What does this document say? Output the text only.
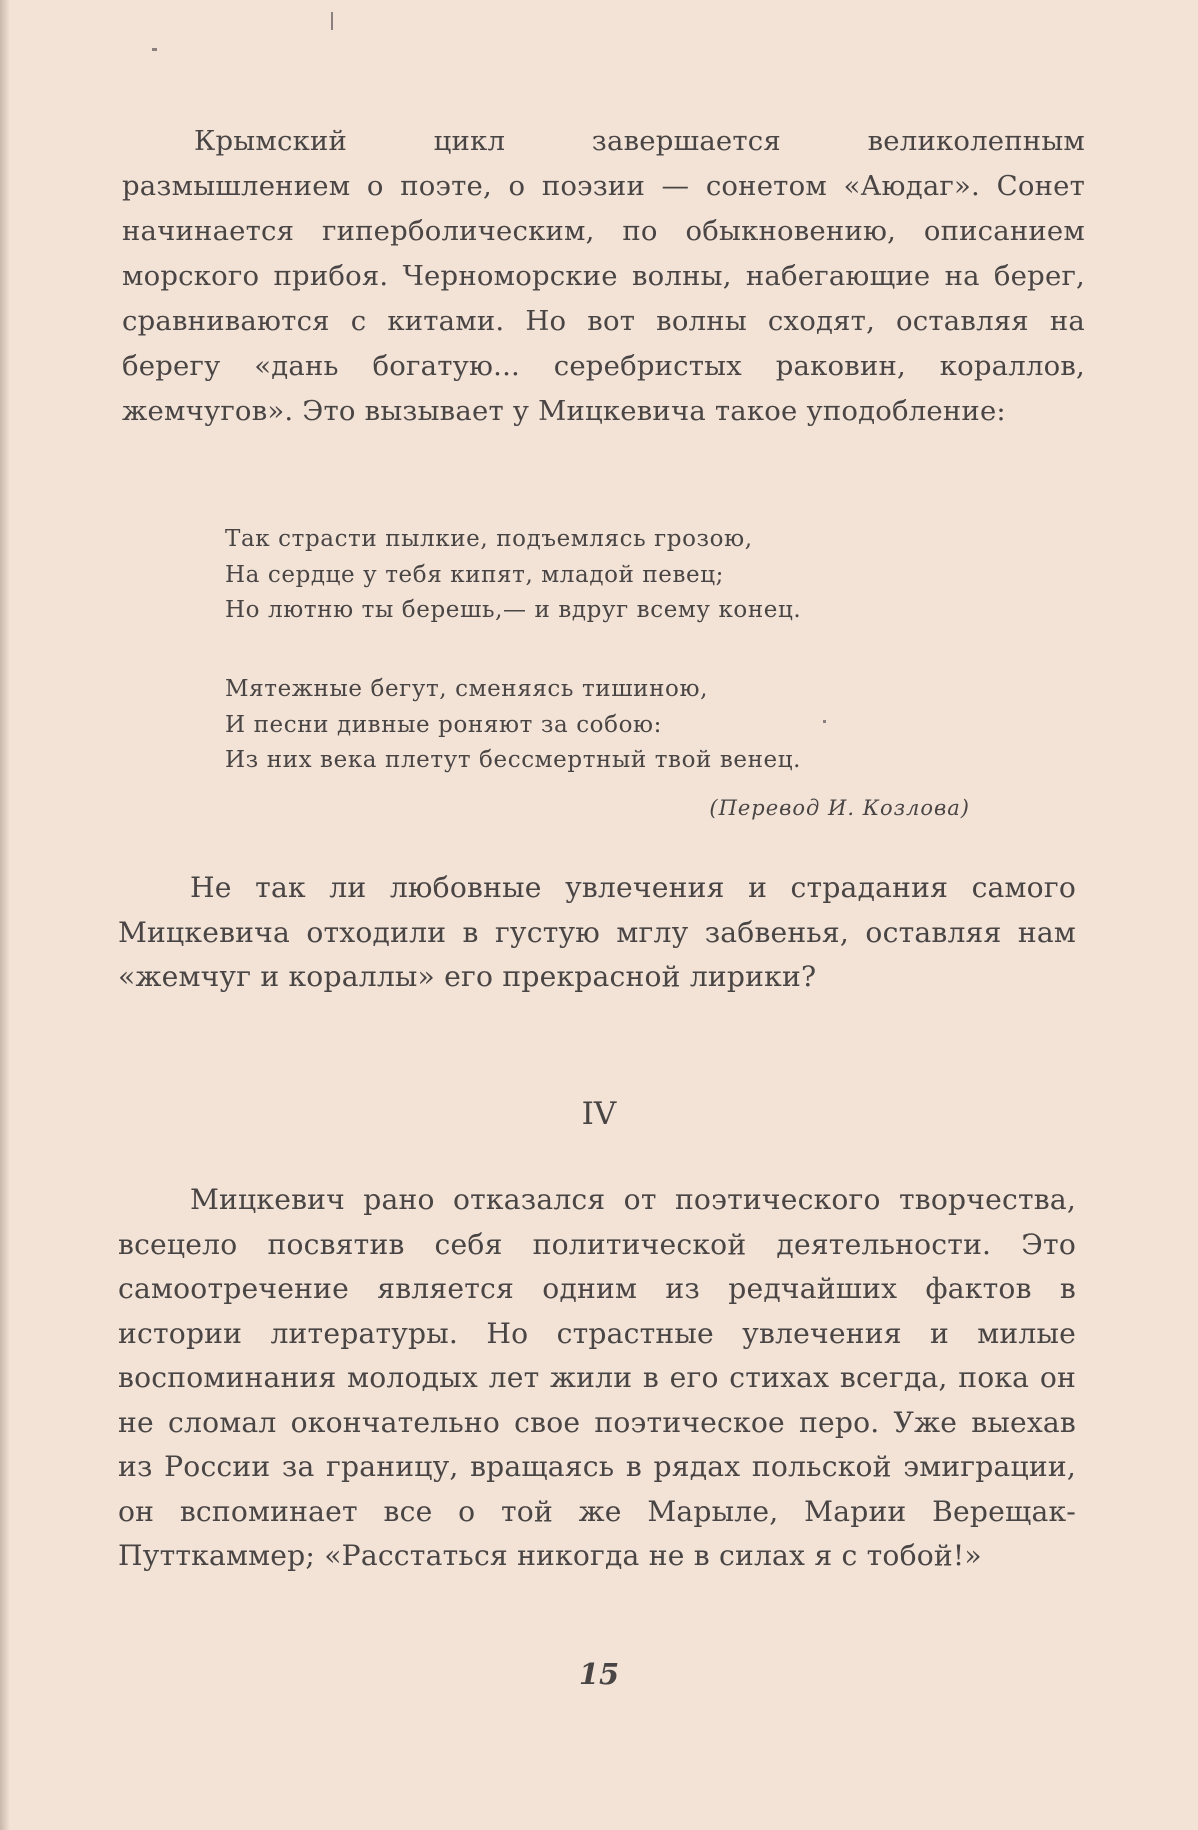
Крымский цикл завершается великолепным размышлением о поэте, о поэзии — сонетом «Аюдаг». Сонет начинается гиперболическим, по обыкновению, описанием морского прибоя. Черноморские волны, набегающие на берег, сравниваются с китами. Но вот волны сходят, оставляя на берегу «дань богатую... серебристых раковин, кораллов, жемчугов». Это вызывает у Мицкевича такое уподобление:

Так страсти пылкие, подъемлясь грозою,
На сердце у тебя кипят, младой певец;
Но лютню ты берешь,— и вдруг всему конец.
Мятежные бегут, сменяясь тишиною,
И песни дивные роняют за собою:
Из них века плетут бессмертный твой венец.

(Перевод И. Козлова)

Не так ли любовные увлечения и страдания самого Мицкевича отходили в густую мглу забвенья, оставляя нам «жемчуг и кораллы» его прекрасной лирики?

IV

Мицкевич рано отказался от поэтического творчества, всецело посвятив себя политической деятельности. Это самоотречение является одним из редчайших фактов в истории литературы. Но страстные увлечения и милые воспоминания молодых лет жили в его стихах всегда, пока он не сломал окончательно свое поэтическое перо. Уже выехав из России за границу, вращаясь в рядах польской эмиграции, он вспоминает все о той же Марыле, Марии Верещак-Путткаммер; «Расстаться никогда не в силах я с тобой!»

15
